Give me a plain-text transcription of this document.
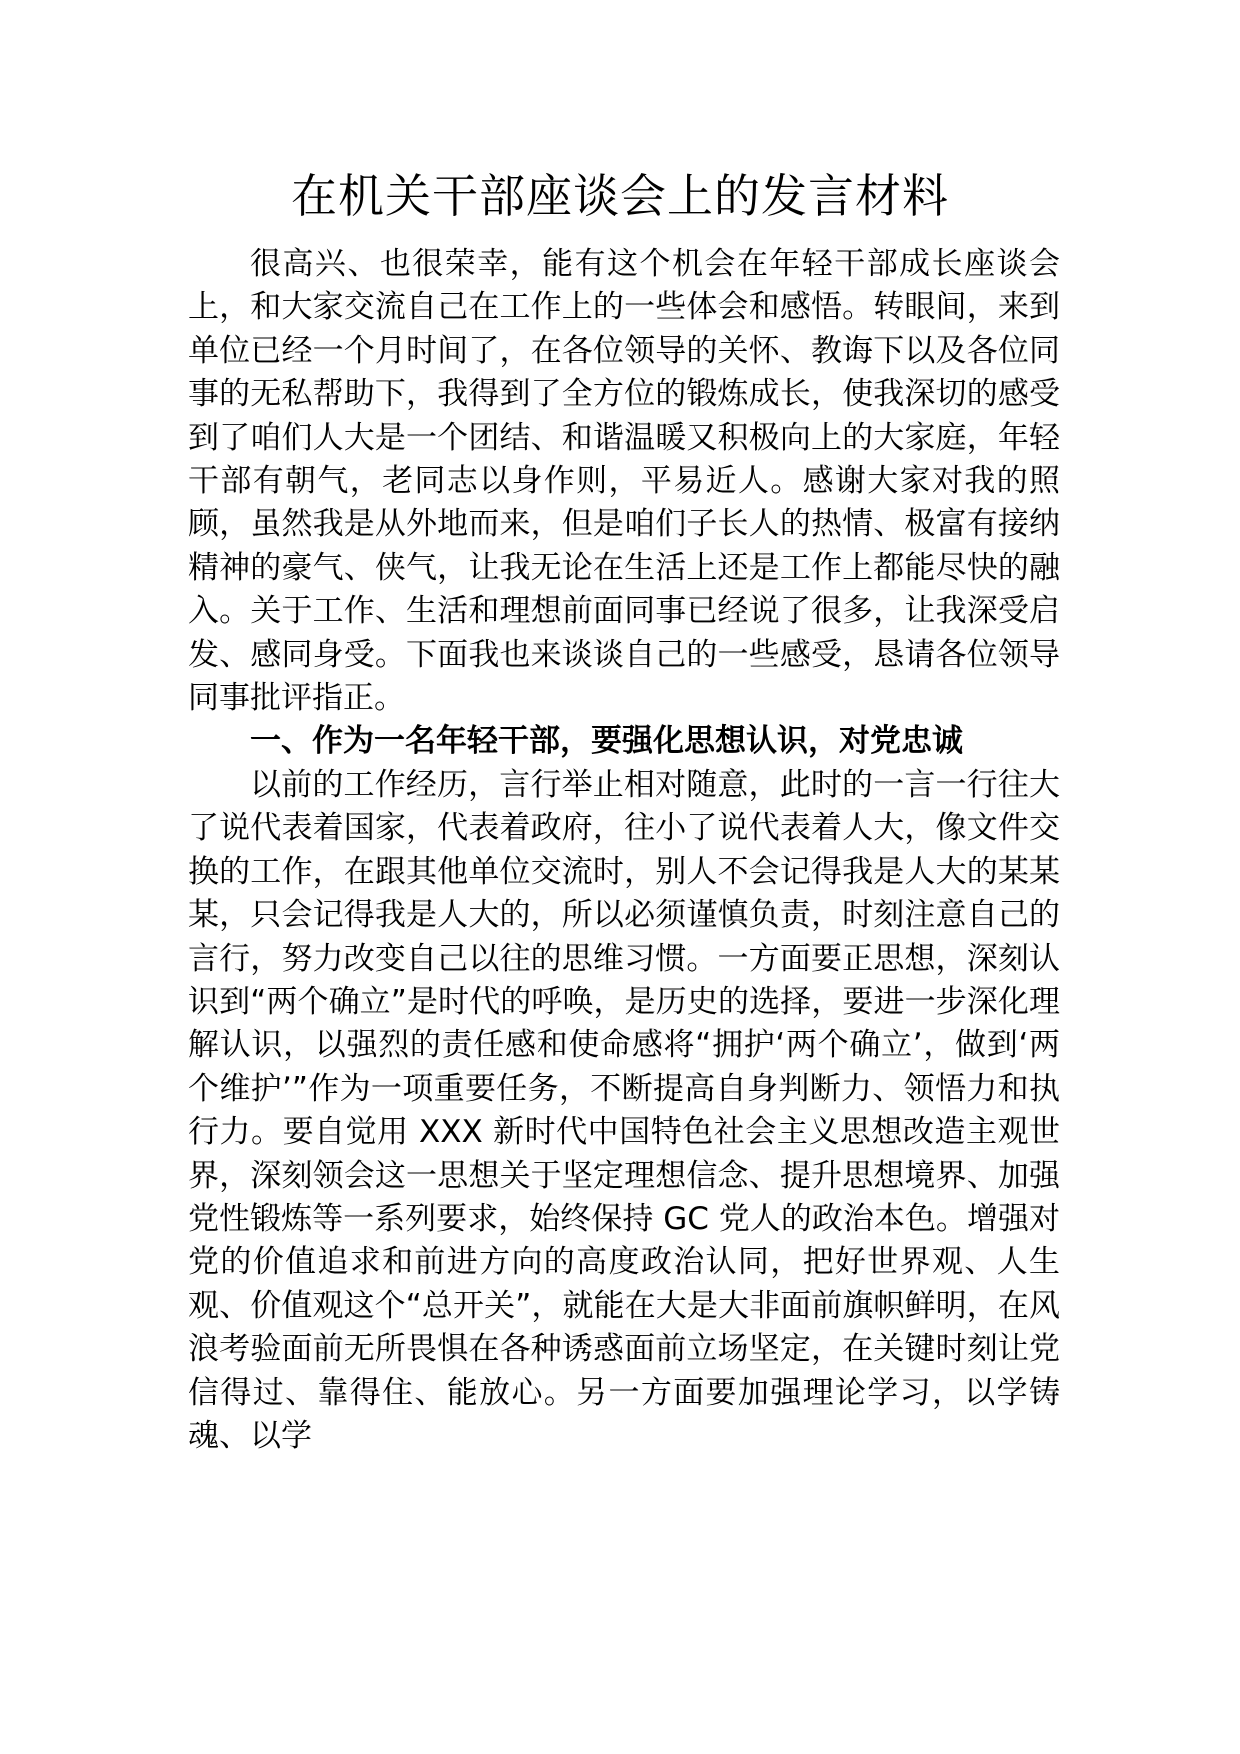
在机关干部座谈会上的发言材料

很高兴、也很荣幸，能有这个机会在年轻干部成长座谈会上，和大家交流自己在工作上的一些体会和感悟。转眼间，来到单位已经一个月时间了，在各位领导的关怀、教诲下以及各位同事的无私帮助下，我得到了全方位的锻炼成长，使我深切的感受到了咱们人大是一个团结、和谐温暖又积极向上的大家庭，年轻干部有朝气，老同志以身作则，平易近人。感谢大家对我的照顾，虽然我是从外地而来，但是咱们子长人的热情、极富有接纳精神的豪气、侠气，让我无论在生活上还是工作上都能尽快的融入。关于工作、生活和理想前面同事已经说了很多，让我深受启发、感同身受。下面我也来谈谈自己的一些感受，恳请各位领导同事批评指正。

一、作为一名年轻干部，要强化思想认识，对党忠诚

以前的工作经历，言行举止相对随意，此时的一言一行往大了说代表着国家，代表着政府，往小了说代表着人大，像文件交换的工作，在跟其他单位交流时，别人不会记得我是人大的某某某，只会记得我是人大的，所以必须谨慎负责，时刻注意自己的言行，努力改变自己以往的思维习惯。一方面要正思想，深刻认识到“两个确立”是时代的呼唤，是历史的选择，要进一步深化理解认识，以强烈的责任感和使命感将“拥护‘两个确立’，做到‘两个维护’”作为一项重要任务，不断提高自身判断力、领悟力和执行力。要自觉用 XXX 新时代中国特色社会主义思想改造主观世界，深刻领会这一思想关于坚定理想信念、提升思想境界、加强党性锻炼等一系列要求，始终保持 GC 党人的政治本色。增强对党的价值追求和前进方向的高度政治认同，把好世界观、人生观、价值观这个“总开关”，就能在大是大非面前旗帜鲜明，在风浪考验面前无所畏惧在各种诱惑面前立场坚定，在关键时刻让党信得过、靠得住、能放心。另一方面要加强理论学习，以学铸魂、以学
